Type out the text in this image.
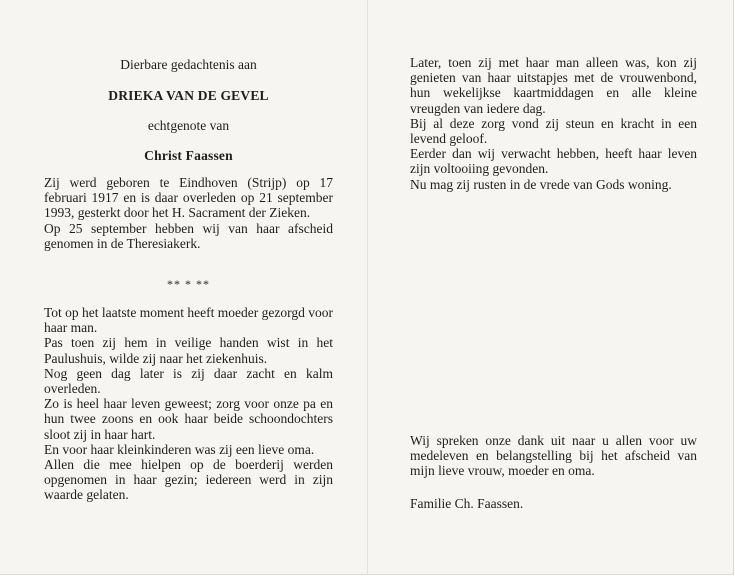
Dierbare gedachtenis aan
DRIEKA VAN DE GEVEL
echtgenote van
Christ Faassen
Zij werd geboren te Eindhoven (Strijp) op 17 februari 1917 en is daar overleden op 21 september 1993, gesterkt door het H. Sacrament der Zieken.
Op 25 september hebben wij van haar afscheid genomen in de Theresiakerk.
** * **
Tot op het laatste moment heeft moeder gezorgd voor haar man.
Pas toen zij hem in veilige handen wist in het Paulushuis, wilde zij naar het ziekenhuis.
Nog geen dag later is zij daar zacht en kalm overleden.
Zo is heel haar leven geweest; zorg voor onze pa en hun twee zoons en ook haar beide schoondochters sloot zij in haar hart.
En voor haar kleinkinderen was zij een lieve oma.
Allen die mee hielpen op de boerderij werden opgenomen in haar gezin; iedereen werd in zijn waarde gelaten.
Later, toen zij met haar man alleen was, kon zij genieten van haar uitstapjes met de vrouwenbond, hun wekelijkse kaartmiddagen en alle kleine vreugden van iedere dag.
Bij al deze zorg vond zij steun en kracht in een levend geloof.
Eerder dan wij verwacht hebben, heeft haar leven zijn voltooiing gevonden.
Nu mag zij rusten in de vrede van Gods woning.
Wij spreken onze dank uit naar u allen voor uw medeleven en belangstelling bij het afscheid van mijn lieve vrouw, moeder en oma.
Familie Ch. Faassen.
